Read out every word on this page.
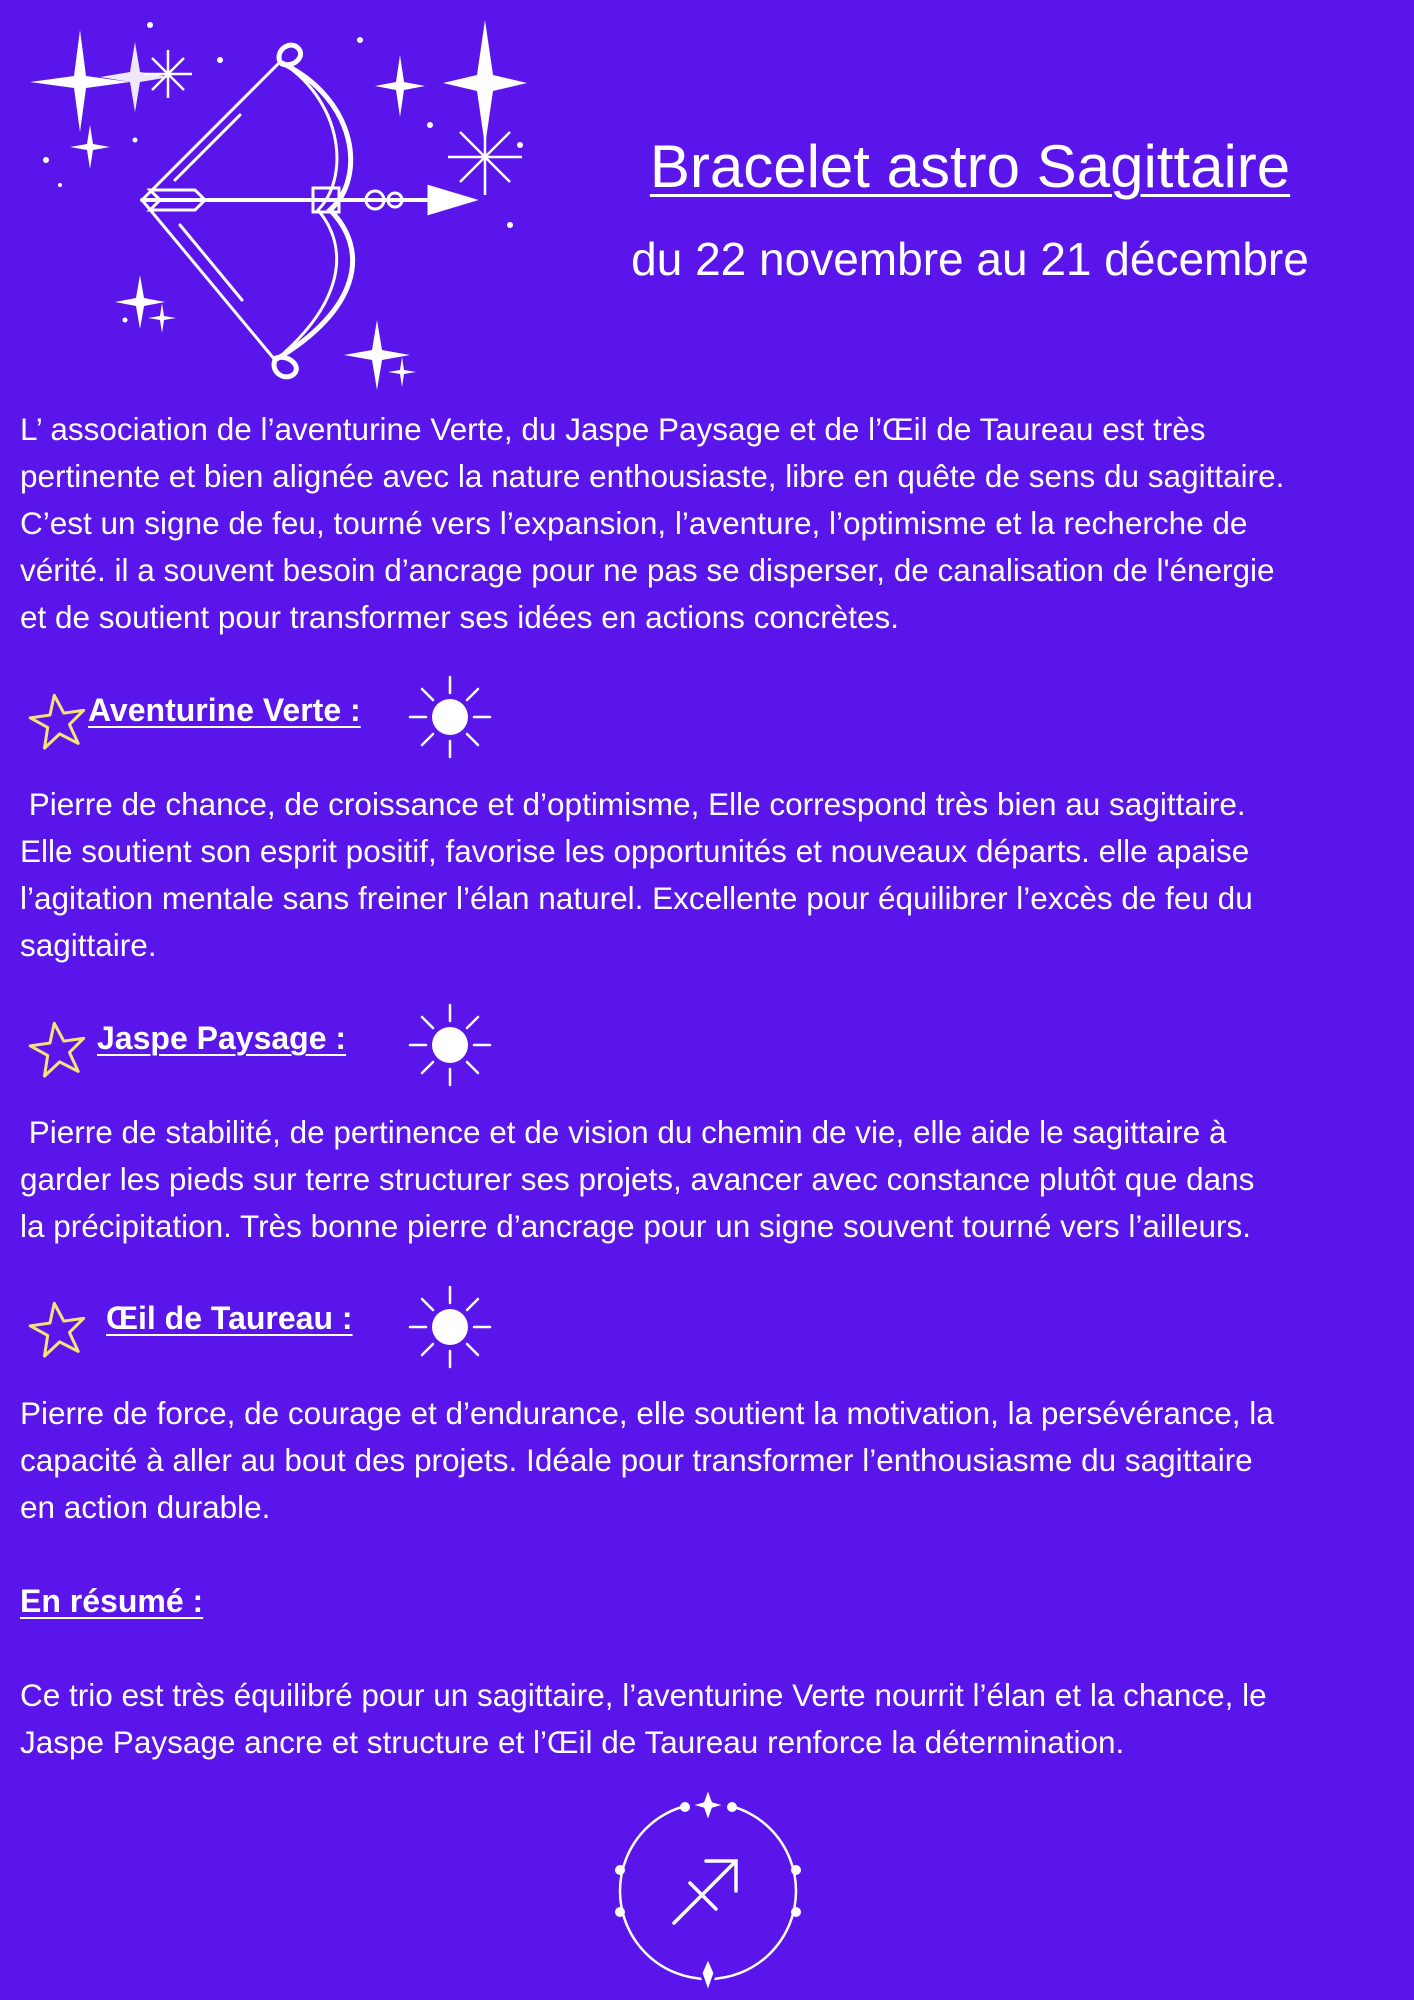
Bracelet astro Sagittaire
du 22 novembre au 21 décembre
L’ association de l’aventurine Verte, du Jaspe Paysage et de l’Œil de Taureau est très
pertinente et bien alignée avec la nature enthousiaste, libre en quête de sens du sagittaire.
C’est un signe de feu, tourné vers l’expansion, l’aventure, l’optimisme et la recherche de
vérité. il a souvent besoin d’ancrage pour ne pas se disperser, de canalisation de l'énergie
et de soutient pour transformer ses idées en actions concrètes.
Aventurine Verte :
Pierre de chance, de croissance et d’optimisme, Elle correspond très bien au sagittaire.
Elle soutient son esprit positif, favorise les opportunités et nouveaux départs. elle apaise
l’agitation mentale sans freiner l’élan naturel. Excellente pour équilibrer l’excès de feu du
sagittaire.
Jaspe Paysage :
Pierre de stabilité, de pertinence et de vision du chemin de vie, elle aide le sagittaire à
garder les pieds sur terre structurer ses projets, avancer avec constance plutôt que dans
la précipitation. Très bonne pierre d’ancrage pour un signe souvent tourné vers l’ailleurs.
Œil de Taureau :
Pierre de force, de courage et d’endurance, elle soutient la motivation, la persévérance, la
capacité à aller au bout des projets. Idéale pour transformer l’enthousiasme du sagittaire
en action durable.
En résumé :
Ce trio est très équilibré pour un sagittaire, l’aventurine Verte nourrit l’élan et la chance, le
Jaspe Paysage ancre et structure et l’Œil de Taureau renforce la détermination.
